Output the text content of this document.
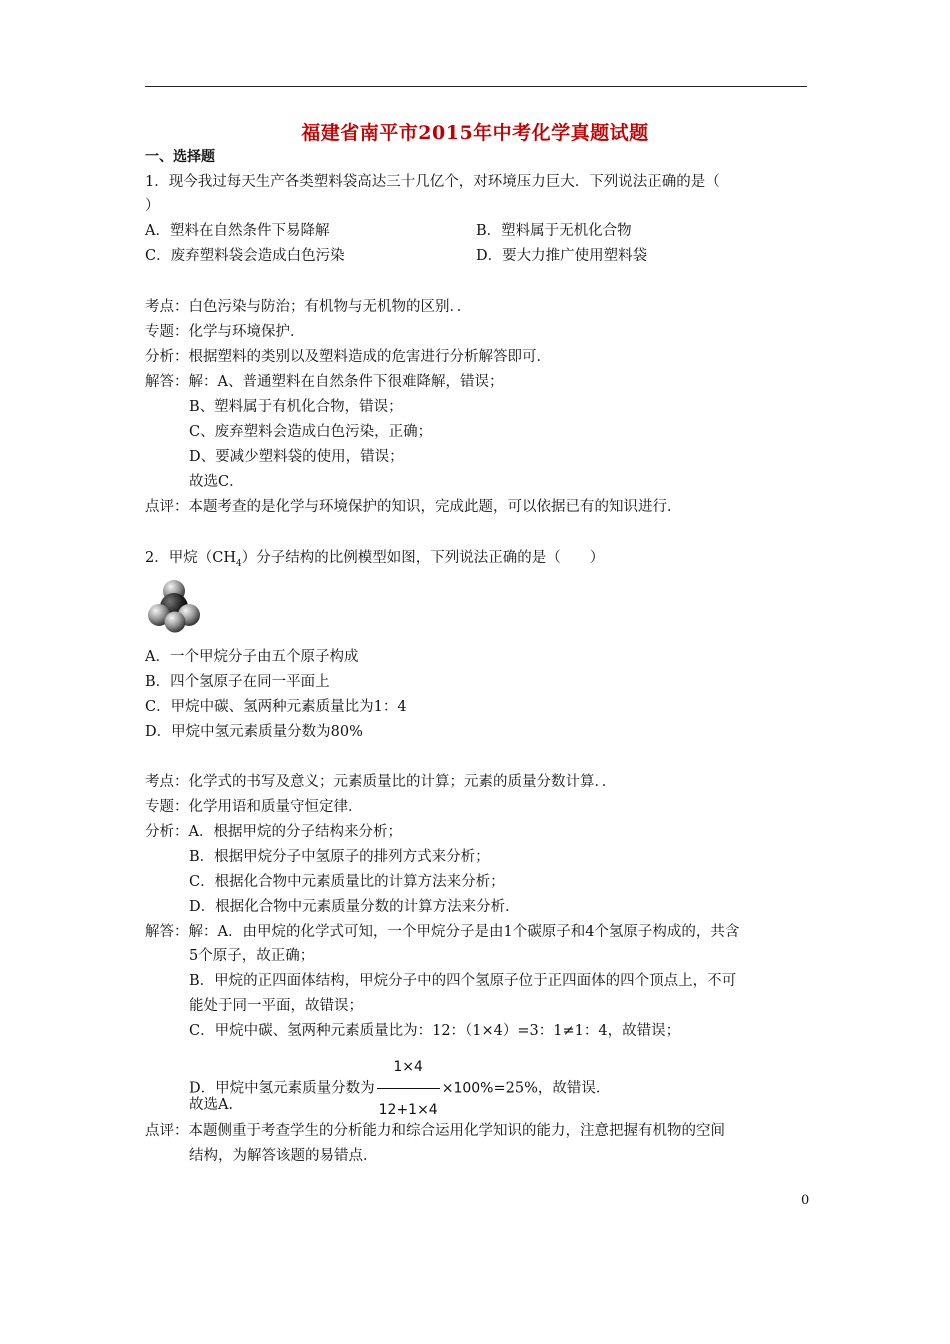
福建省南平市2015年中考化学真题试题
一、选择题
1．现今我过每天生产各类塑料袋高达三十几亿个，对环境压力巨大．下列说法正确的是（
）
A．塑料在自然条件下易降解	B．塑料属于无机化合物
C．废弃塑料袋会造成白色污染	D．要大力推广使用塑料袋
考点：白色污染与防治；有机物与无机物的区别．．
专题：化学与环境保护．
分析：根据塑料的类别以及塑料造成的危害进行分析解答即可．
解答：解：A、普通塑料在自然条件下很难降解，错误；
B、塑料属于有机化合物，错误；
C、废弃塑料会造成白色污染，正确；
D、要减少塑料袋的使用，错误；
故选C．
点评：本题考查的是化学与环境保护的知识，完成此题，可以依据已有的知识进行．
2．甲烷$(CH_4)$分子结构的比例模型如图，下列说法正确的是（　　）
A．一个甲烷分子由五个原子构成
B．四个氢原子在同一平面上
C．甲烷中碳、氢两种元素质量比为1：4
D．甲烷中氢元素质量分数为80%
考点：化学式的书写及意义；元素质量比的计算；元素的质量分数计算．．
专题：化学用语和质量守恒定律．
分析：A．根据甲烷的分子结构来分析；
B．根据甲烷分子中氢原子的排列方式来分析；
C．根据化合物中元素质量比的计算方法来分析；
D．根据化合物中元素质量分数的计算方法来分析．
解答：解：A．由甲烷的化学式可知，一个甲烷分子是由1个碳原子和4个氢原子构成的，共含
5个原子，故正确；
B．甲烷的正四面体结构，甲烷分子中的四个氢原子位于正四面体的四个顶点上，不可
能处于同一平面，故错误；
C．甲烷中碳、氢两种元素质量比为：12：（1×4）=3：1≠1：4，故错误；
D．甲烷中氢元素质量分数为 $\frac{1\times 4}{12+1\times 4} \times 100\%=25\%$，故错误．
故选A．
点评：本题侧重于考查学生的分析能力和综合运用化学知识的能力，注意把握有机物的空间
结构，为解答该题的易错点．
0
